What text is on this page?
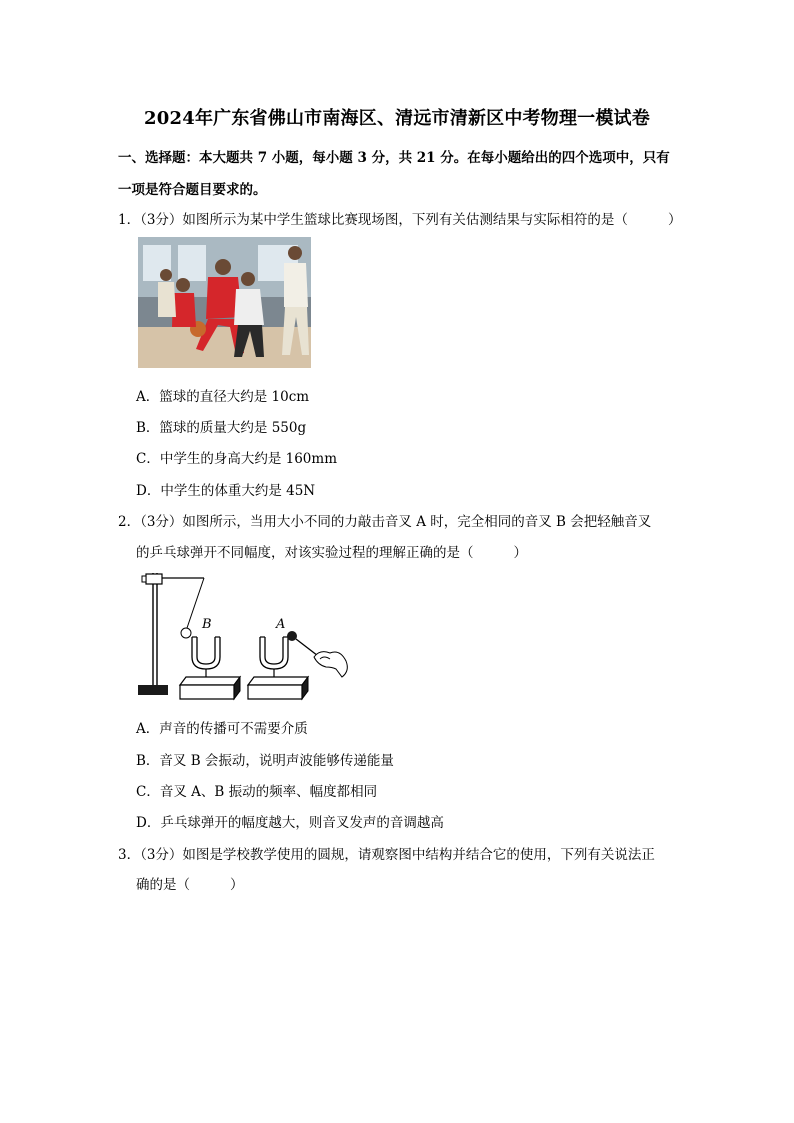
2024年广东省佛山市南海区、清远市清新区中考物理一模试卷
一、选择题：本大题共 7 小题，每小题 3 分，共 21 分。在每小题给出的四个选项中，只有
一项是符合题目要求的。
1．（3分）如图所示为某中学生篮球比赛现场图，下列有关估测结果与实际相符的是（	）
A．篮球的直径大约是 10cm
B．篮球的质量大约是 550g
C．中学生的身高大约是 160mm
D．中学生的体重大约是 45N
2．（3分）如图所示，当用大小不同的力敲击音叉 A 时，完全相同的音叉 B 会把轻触音叉
的乒乓球弹开不同幅度，对该实验过程的理解正确的是（	）
B	A
A．声音的传播可不需要介质
B．音叉 B 会振动，说明声波能够传递能量
C．音叉 A、B 振动的频率、幅度都相同
D．乒乓球弹开的幅度越大，则音叉发声的音调越高
3．（3分）如图是学校教学使用的圆规，请观察图中结构并结合它的使用，下列有关说法正
确的是（	）
